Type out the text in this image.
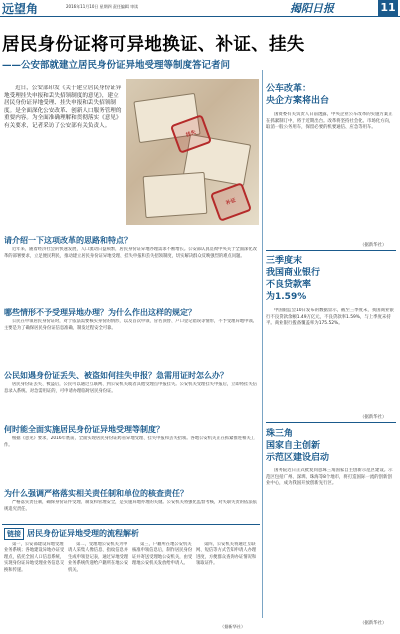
远望角	2016年11月10日 星期四 责任编辑 审读	揭阳日报	11
居民身份证将可异地换证、补证、挂失
——公安部就建立居民身份证异地受理等制度答记者问
近日，公安部印发《关于建立居民身份证异地受理挂失申报和丢失招领制度的意见》，建立居民身份证异地受理、挂失申报和丢失招领制度。是全面深化公安改革、创新人口服务管理的重要内容。为全面准确理解和贯彻落实《意见》有关要求，记者采访了公安部有关负责人。
挂失
补证
请介绍一下这项改革的思路和特点？
近年来，随着经济社会的快速发展，人口流动日益频繁，居民身份证异地办理需求不断增长。公安部认真贯彻中央关于全面深化改革的部署要求，立足便民利民，推动建立居民身份证异地受理、挂失申报和丢失招领制度，切实解决群众反映强烈的难点问题。
哪些情形不予受理异地办理？为什么作出这样的规定？
公民在申领居民身份证时，对于依法需要核实身份的情形，以及首次申领、冒名顶替、户口登记错误等情形，不予受理异地申领。主要是为了确保居民身份证信息准确、制发过程安全可靠。
公民如遇身份证丢失、被盗如何挂失申报？急需用证时怎么办？
居民身份证丢失、被盗后，公民可以通过互联网、到公安机关或者其他受理点申报挂失。公安机关受理挂失申报后，立即将挂失信息录入系统。对急需用证的，可申请办理临时居民身份证。
何时能全面实施居民身份证异地受理等制度？
根据《意见》要求，2016年底前，全面实现居民身份证跨省异地受理、挂失申报和丢失招领。各地公安机关正在抓紧推进相关工作。
为什么强调严格落实相关责任制和单位的核查责任？
严格落实责任制，确保身份证件受理、制发和管理安全，是实施异地办理的关键。公安机关将强化监督考核，对失职失责的依法依规追究责任。
链接 居民身份证异地受理的流程解析
第一，公安部建设异地受理业务系统；各地建设异地办证受理点，依托全国人口信息系统，实现身份证异地受理业务信息交换和传递。
第二，受理地公安机关为申请人采集人像信息、指纹信息并生成申领登记表，通过异地受理业务系统传递给户籍所在地公安机关。
第三，户籍所在地公安机关核准申领信息后，制作居民身份证并寄送受理地公安机关，由受理地公安机关发放给申请人。
第四，公安机关将通过互联网、短信等方式告知申请人办理进度，方便群众查询办证情况和领取证件。
（据新华社）
公车改革：
央企方案将出台
国资委有关负责人日前透露，中央企业公车改革的实施方案正在抓紧制订中，将于近期出台。改革将坚持社会化、市场化方向，取消一般公务用车，保留必要的机要通信、应急等用车。
（据新华社）
三季度末
我国商业银行
不良贷款率
为1.59%
中国银监会10日发布的数据显示，截至三季度末，我国商业银行不良贷款余额1.49万亿元，不良贷款率1.59%，与上季度末持平。商业银行拨备覆盖率为175.52%。
（据新华社）
珠三角
国家自主创新
示范区建设启动
国务院近日正式批复同意珠三角国家自主创新示范区建设。示范区包括广州、深圳、珠海等8个地市，将打造国际一流的创新创业中心，成为我国开放创新先行区。
（据新华社）
